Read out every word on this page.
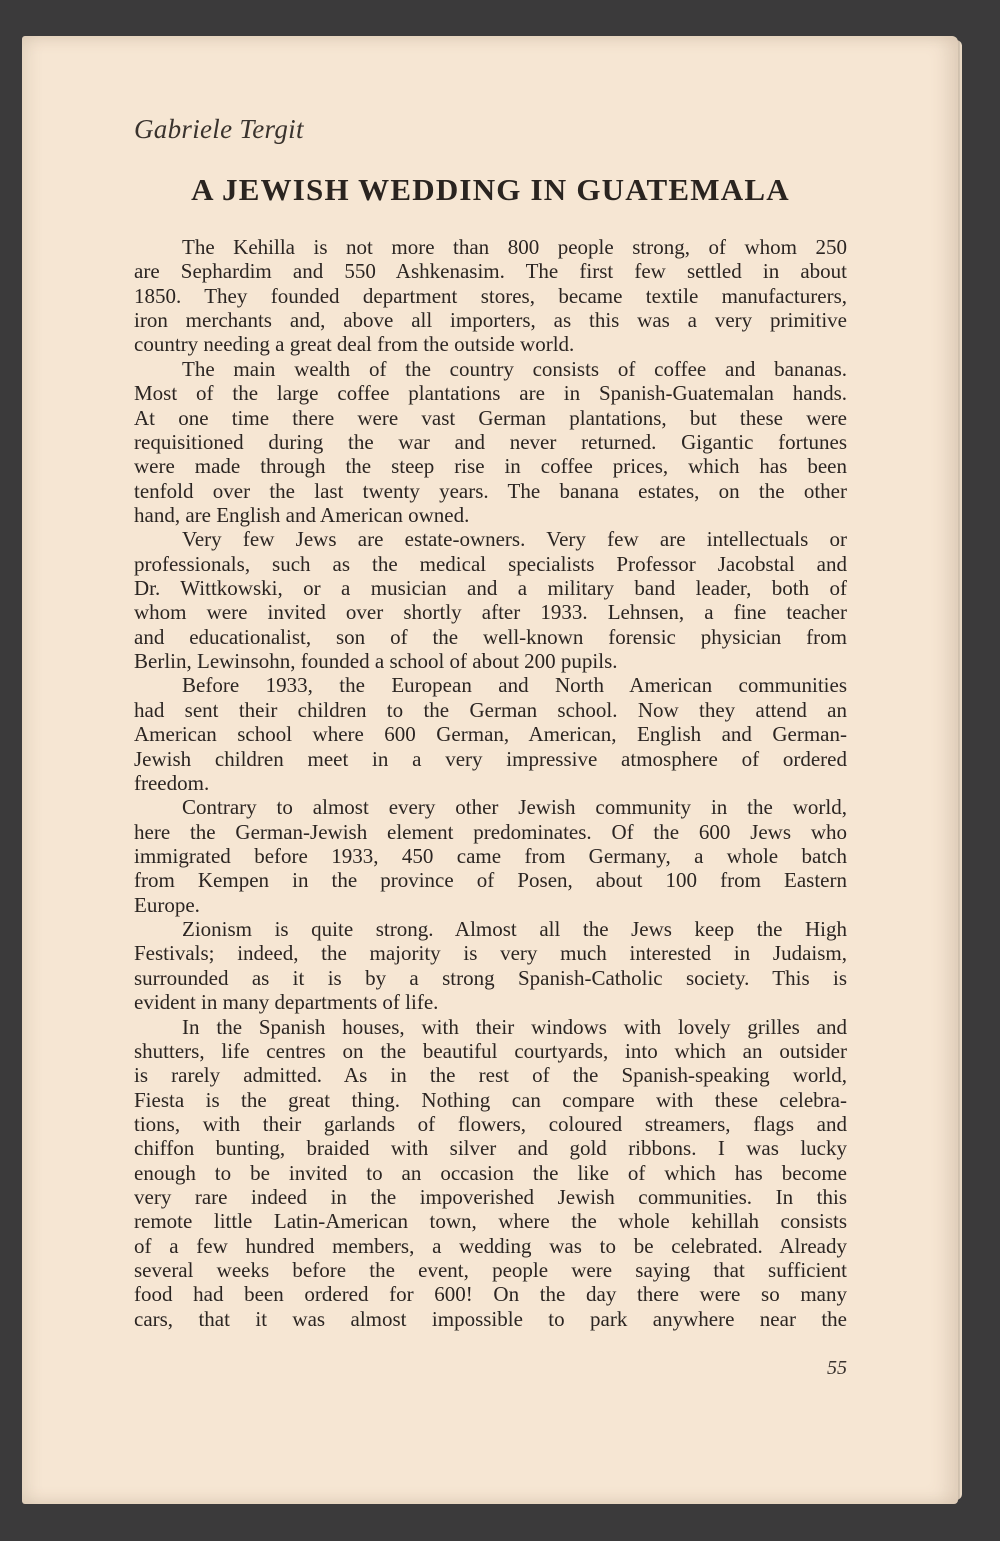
Gabriele Tergit
A JEWISH WEDDING IN GUATEMALA
The Kehilla is not more than 800 people strong, of whom 250
are Sephardim and 550 Ashkenasim. The first few settled in about
1850. They founded department stores, became textile manufacturers,
iron merchants and, above all importers, as this was a very primitive
country needing a great deal from the outside world.
The main wealth of the country consists of coffee and bananas.
Most of the large coffee plantations are in Spanish-Guatemalan hands.
At one time there were vast German plantations, but these were
requisitioned during the war and never returned. Gigantic fortunes
were made through the steep rise in coffee prices, which has been
tenfold over the last twenty years. The banana estates, on the other
hand, are English and American owned.
Very few Jews are estate-owners. Very few are intellectuals or
professionals, such as the medical specialists Professor Jacobstal and
Dr. Wittkowski, or a musician and a military band leader, both of
whom were invited over shortly after 1933. Lehnsen, a fine teacher
and educationalist, son of the well-known forensic physician from
Berlin, Lewinsohn, founded a school of about 200 pupils.
Before 1933, the European and North American communities
had sent their children to the German school. Now they attend an
American school where 600 German, American, English and German-
Jewish children meet in a very impressive atmosphere of ordered
freedom.
Contrary to almost every other Jewish community in the world,
here the German-Jewish element predominates. Of the 600 Jews who
immigrated before 1933, 450 came from Germany, a whole batch
from Kempen in the province of Posen, about 100 from Eastern
Europe.
Zionism is quite strong. Almost all the Jews keep the High
Festivals; indeed, the majority is very much interested in Judaism,
surrounded as it is by a strong Spanish-Catholic society. This is
evident in many departments of life.
In the Spanish houses, with their windows with lovely grilles and
shutters, life centres on the beautiful courtyards, into which an outsider
is rarely admitted. As in the rest of the Spanish-speaking world,
Fiesta is the great thing. Nothing can compare with these celebra-
tions, with their garlands of flowers, coloured streamers, flags and
chiffon bunting, braided with silver and gold ribbons. I was lucky
enough to be invited to an occasion the like of which has become
very rare indeed in the impoverished Jewish communities. In this
remote little Latin-American town, where the whole kehillah consists
of a few hundred members, a wedding was to be celebrated. Already
several weeks before the event, people were saying that sufficient
food had been ordered for 600! On the day there were so many
cars, that it was almost impossible to park anywhere near the
55
